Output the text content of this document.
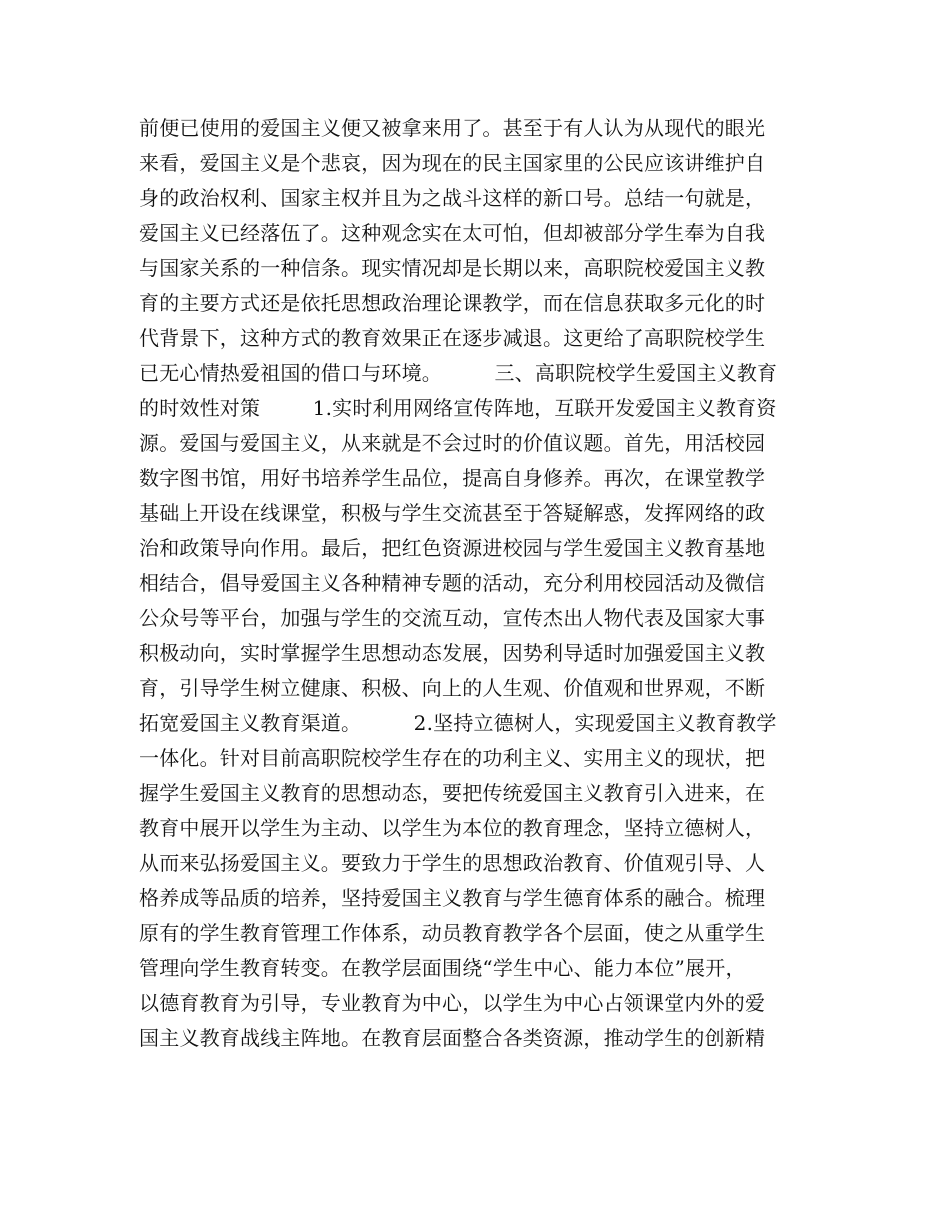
前便已使用的爱国主义便又被拿来用了。甚至于有人认为从现代的眼光
来看，爱国主义是个悲哀，因为现在的民主国家里的公民应该讲维护自
身的政治权利、国家主权并且为之战斗这样的新口号。总结一句就是，
爱国主义已经落伍了。这种观念实在太可怕，但却被部分学生奉为自我
与国家关系的一种信条。现实情况却是长期以来，高职院校爱国主义教
育的主要方式还是依托思想政治理论课教学，而在信息获取多元化的时
代背景下，这种方式的教育效果正在逐步减退。这更给了高职院校学生
已无心情热爱祖国的借口与环境。        三、高职院校学生爱国主义教育
的时效性对策        1.实时利用网络宣传阵地，互联开发爱国主义教育资
源。爱国与爱国主义，从来就是不会过时的价值议题。首先，用活校园
数字图书馆，用好书培养学生品位，提高自身修养。再次，在课堂教学
基础上开设在线课堂，积极与学生交流甚至于答疑解惑，发挥网络的政
治和政策导向作用。最后，把红色资源进校园与学生爱国主义教育基地
相结合，倡导爱国主义各种精神专题的活动，充分利用校园活动及微信
公众号等平台，加强与学生的交流互动，宣传杰出人物代表及国家大事
积极动向，实时掌握学生思想动态发展，因势利导适时加强爱国主义教
育，引导学生树立健康、积极、向上的人生观、价值观和世界观，不断
拓宽爱国主义教育渠道。        2.坚持立德树人，实现爱国主义教育教学
一体化。针对目前高职院校学生存在的功利主义、实用主义的现状，把
握学生爱国主义教育的思想动态，要把传统爱国主义教育引入进来，在
教育中展开以学生为主动、以学生为本位的教育理念，坚持立德树人，
从而来弘扬爱国主义。要致力于学生的思想政治教育、价值观引导、人
格养成等品质的培养，坚持爱国主义教育与学生德育体系的融合。梳理
原有的学生教育管理工作体系，动员教育教学各个层面，使之从重学生
管理向学生教育转变。在教学层面围绕“学生中心、能力本位”展开，
以德育教育为引导，专业教育为中心，以学生为中心占领课堂内外的爱
国主义教育战线主阵地。在教育层面整合各类资源，推动学生的创新精
